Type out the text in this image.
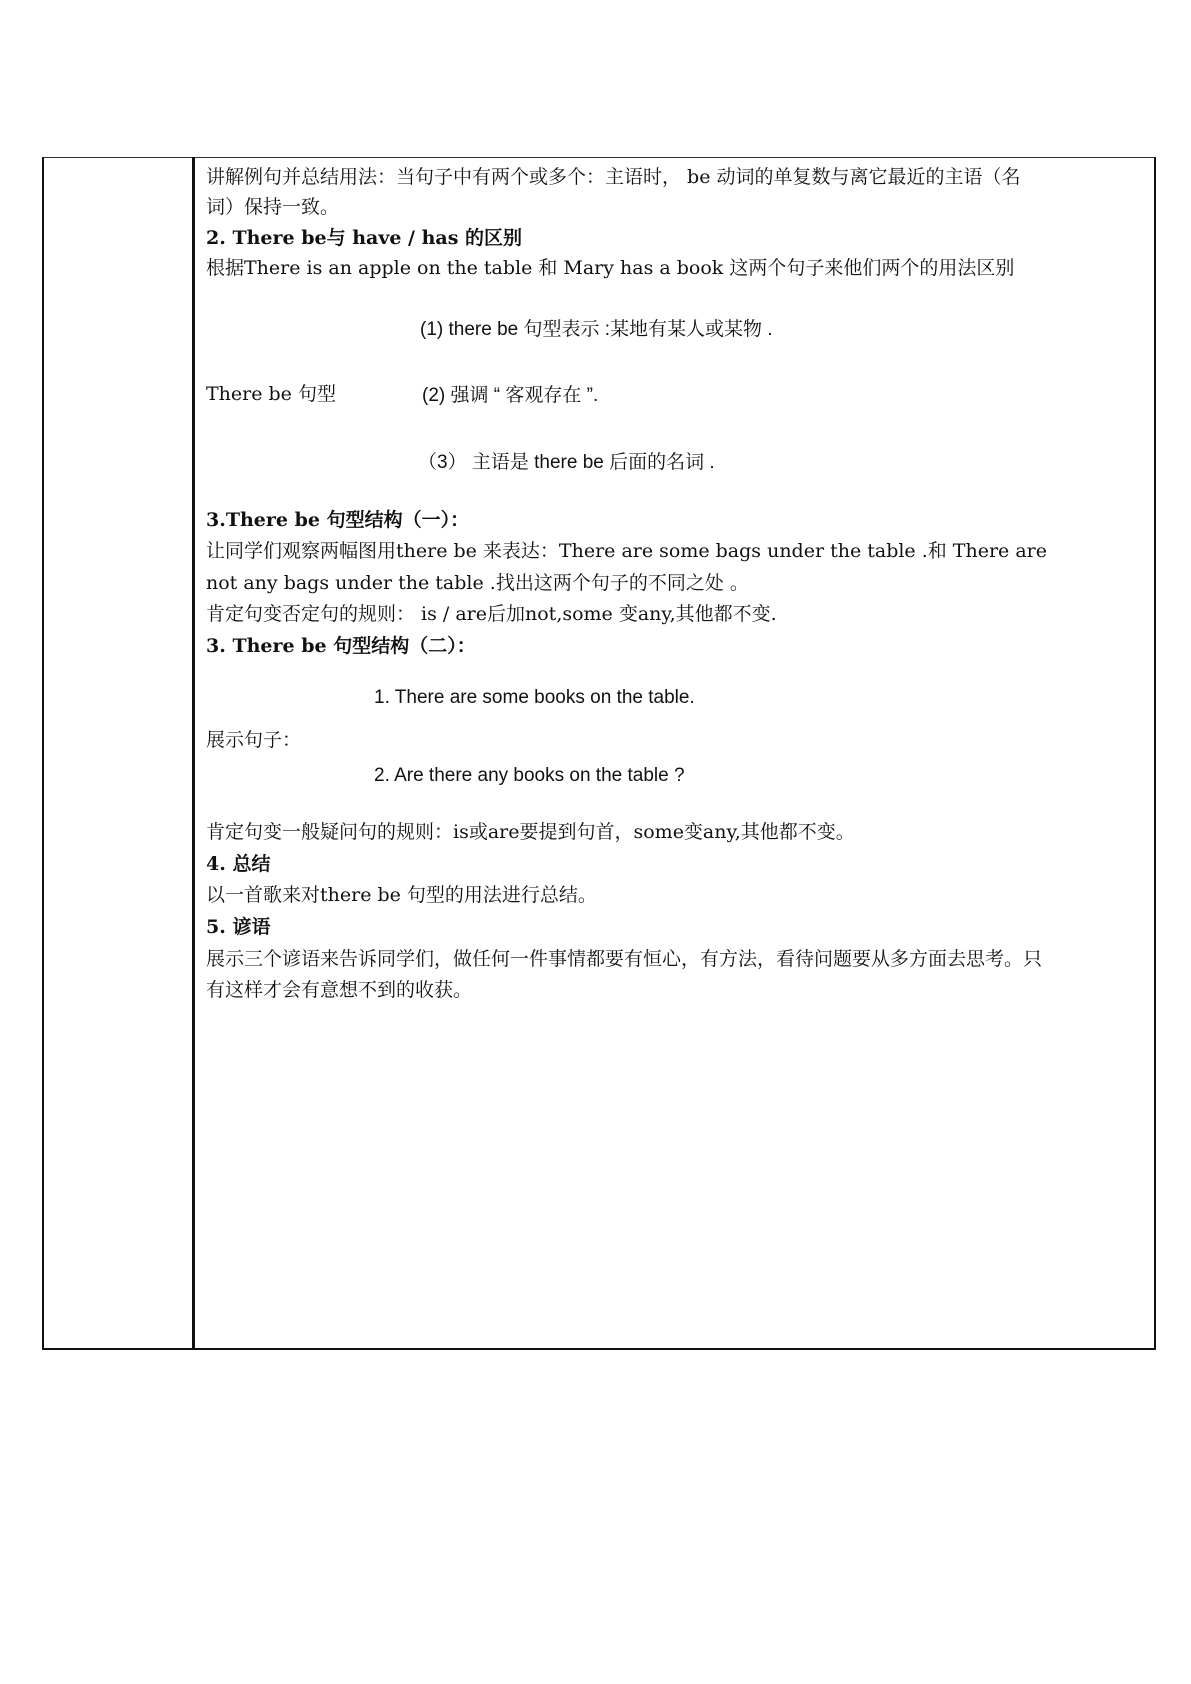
讲解例句并总结用法：当句子中有两个或多个：主语时， be 动词的单复数与离它最近的主语（名
词）保持一致。
2. There be与 have / has 的区别
根据There is an apple on the table 和 Mary has a book 这两个句子来他们两个的用法区别
(1) there be 句型表示 :某地有某人或某物 .
There be 句型	(2) 强调 “ 客观存在 ”.
（3） 主语是 there be 后面的名词 .
3.There be 句型结构（一）：
让同学们观察两幅图用there be 来表达：There are some bags under the table .和 There are
not any bags under the table .找出这两个句子的不同之处 。
肯定句变否定句的规则： is / are后加not,some 变any,其他都不变.
3. There be 句型结构（二）：
1. There are some books on the table.
展示句子：
2. Are there any books on the table ?
肯定句变一般疑问句的规则：is或are要提到句首，some变any,其他都不变。
4. 总结
以一首歌来对there be 句型的用法进行总结。
5. 谚语
展示三个谚语来告诉同学们，做任何一件事情都要有恒心，有方法，看待问题要从多方面去思考。只
有这样才会有意想不到的收获。
